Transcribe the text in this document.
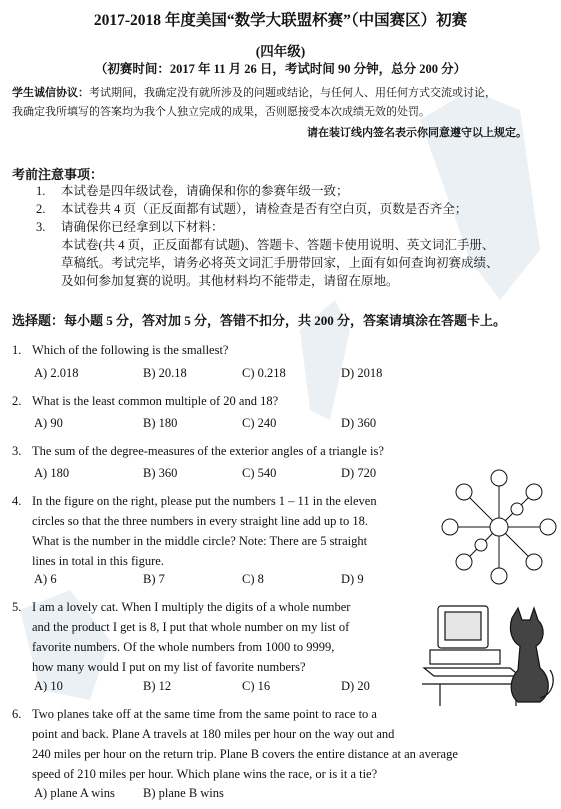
2017-2018 年度美国“数学大联盟杯赛”（中国赛区）初赛
(四年级)
（初赛时间：2017 年 11 月 26 日，考试时间 90 分钟，总分 200 分）
学生诚信协议：考试期间，我确定没有就所涉及的问题或结论，与任何人、用任何方式交流或讨论，
我确定我所填写的答案均为我个人独立完成的成果，否则愿接受本次成绩无效的处罚。
请在装订线内签名表示你同意遵守以上规定。
考前注意事项：
1.	本试卷是四年级试卷，请确保和你的参赛年级一致；
2.	本试卷共 4 页（正反面都有试题），请检查是否有空白页，页数是否齐全；
3.	请确保你已经拿到以下材料：
本试卷(共 4 页，正反面都有试题)、答题卡、答题卡使用说明、英文词汇手册、
草稿纸。考试完毕，请务必将英文词汇手册带回家，上面有如何查询初赛成绩、
及如何参加复赛的说明。其他材料均不能带走，请留在原地。
选择题：每小题 5 分，答对加 5 分，答错不扣分，共 200 分，答案请填涂在答题卡上。
1. Which of the following is the smallest?
A) 2.018	B) 20.18	C) 0.218	D) 2018
2. What is the least common multiple of 20 and 18?
A) 90	B) 180	C) 240	D) 360
3. The sum of the degree-measures of the exterior angles of a triangle is?
A) 180	B) 360	C) 540	D) 720
4. In the figure on the right, please put the numbers 1 – 11 in the eleven
circles so that the three numbers in every straight line add up to 18.
What is the number in the middle circle? Note: There are 5 straight
lines in total in this figure.
A) 6	B) 7	C) 8	D) 9
5. I am a lovely cat. When I multiply the digits of a whole number
and the product I get is 8, I put that whole number on my list of
favorite numbers. Of the whole numbers from 1000 to 9999,
how many would I put on my list of favorite numbers?
A) 10	B) 12	C) 16	D) 20
6. Two planes take off at the same time from the same point to race to a
point and back. Plane A travels at 180 miles per hour on the way out and
240 miles per hour on the return trip. Plane B covers the entire distance at an average
speed of 210 miles per hour. Which plane wins the race, or is it a tie?
A) plane A wins B) plane B wins
